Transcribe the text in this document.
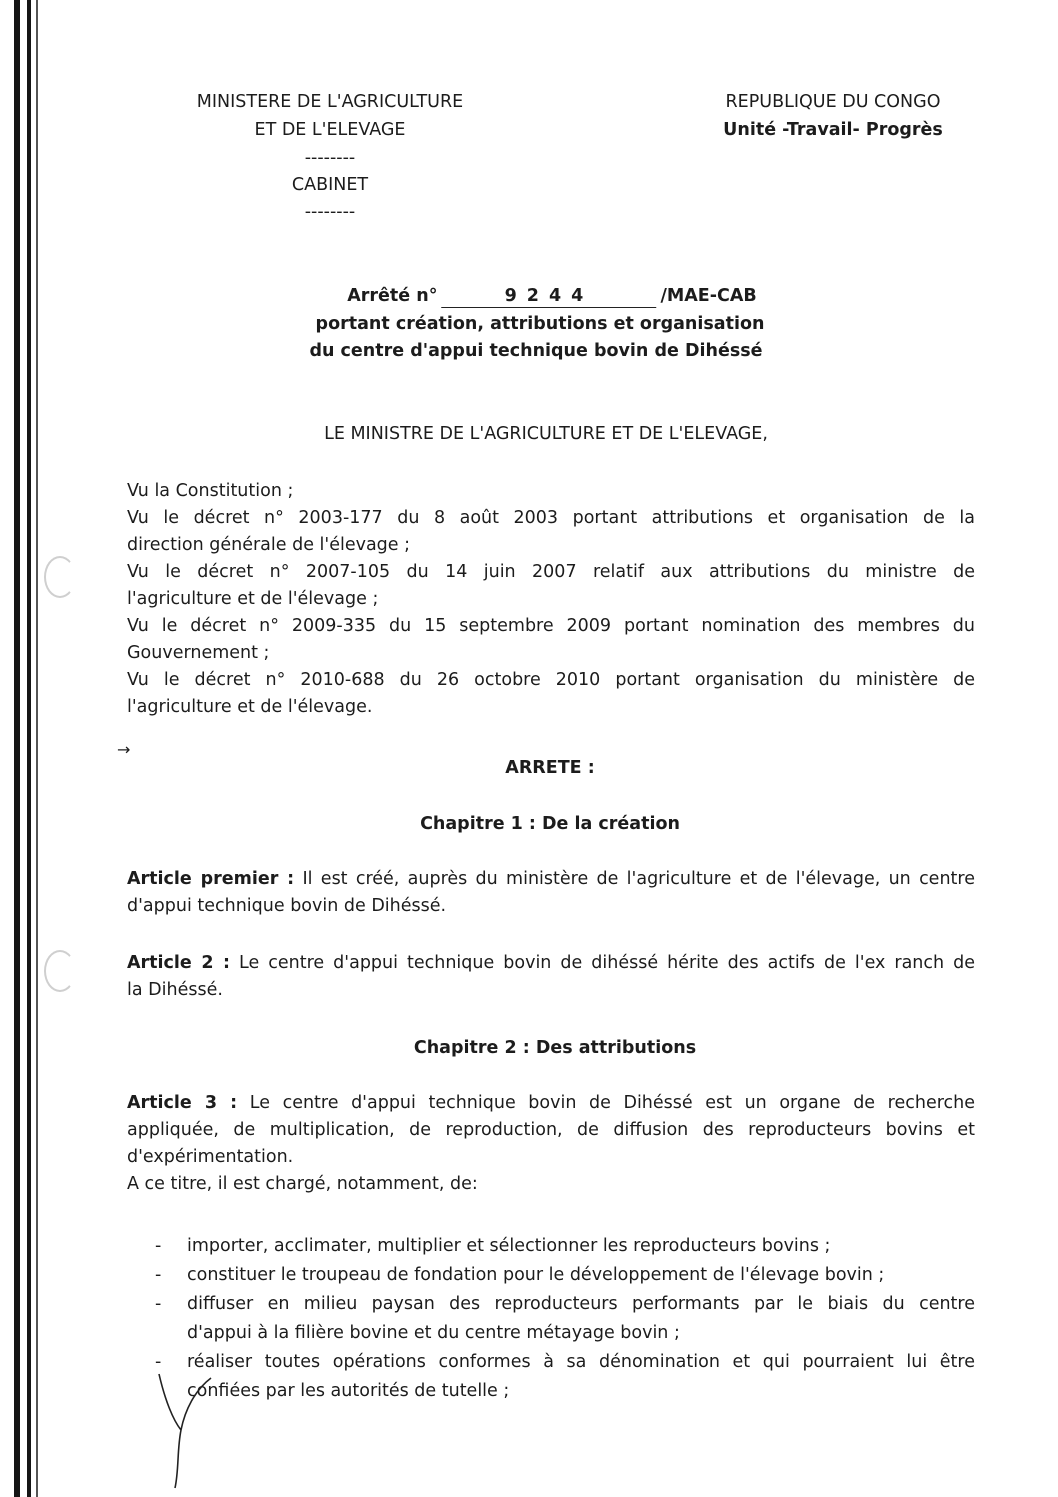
MINISTERE DE L'AGRICULTURE
ET DE L'ELEVAGE
--------
CABINET
--------
REPUBLIQUE DU CONGO
Unité -Travail- Progrès
Arrêté n°	9244	/MAE-CAB
portant création, attributions et organisation
du centre d'appui technique bovin de Dihéssé
LE MINISTRE DE L'AGRICULTURE ET DE L'ELEVAGE,
Vu la Constitution ;
Vu le décret n° 2003-177 du 8 août 2003 portant attributions et organisation de la
direction générale de l'élevage ;
Vu le décret n° 2007-105 du 14 juin 2007 relatif aux attributions du ministre de
l'agriculture et de l'élevage ;
Vu le décret n° 2009-335 du 15 septembre 2009 portant nomination des membres du
Gouvernement ;
Vu le décret n° 2010-688 du 26 octobre 2010 portant organisation du ministère de
l'agriculture et de l'élevage.
→
ARRETE :
Chapitre 1 : De la création
Article premier : Il est créé, auprès du ministère de l'agriculture et de l'élevage, un centre
d'appui technique bovin de Dihéssé.
Article 2 : Le centre d'appui technique bovin de dihéssé hérite des actifs de l'ex ranch de
la Dihéssé.
Chapitre 2 : Des attributions
Article 3 : Le centre d'appui technique bovin de Dihéssé est un organe de recherche
appliquée, de multiplication, de reproduction, de diffusion des reproducteurs bovins et
d'expérimentation.
A ce titre, il est chargé, notamment, de:
- importer, acclimater, multiplier et sélectionner les reproducteurs bovins ;
- constituer le troupeau de fondation pour le développement de l'élevage bovin ;
- diffuser en milieu paysan des reproducteurs performants par le biais du centre
d'appui à la filière bovine et du centre métayage bovin ;
- réaliser toutes opérations conformes à sa dénomination et qui pourraient lui être
confiées par les autorités de tutelle ;
